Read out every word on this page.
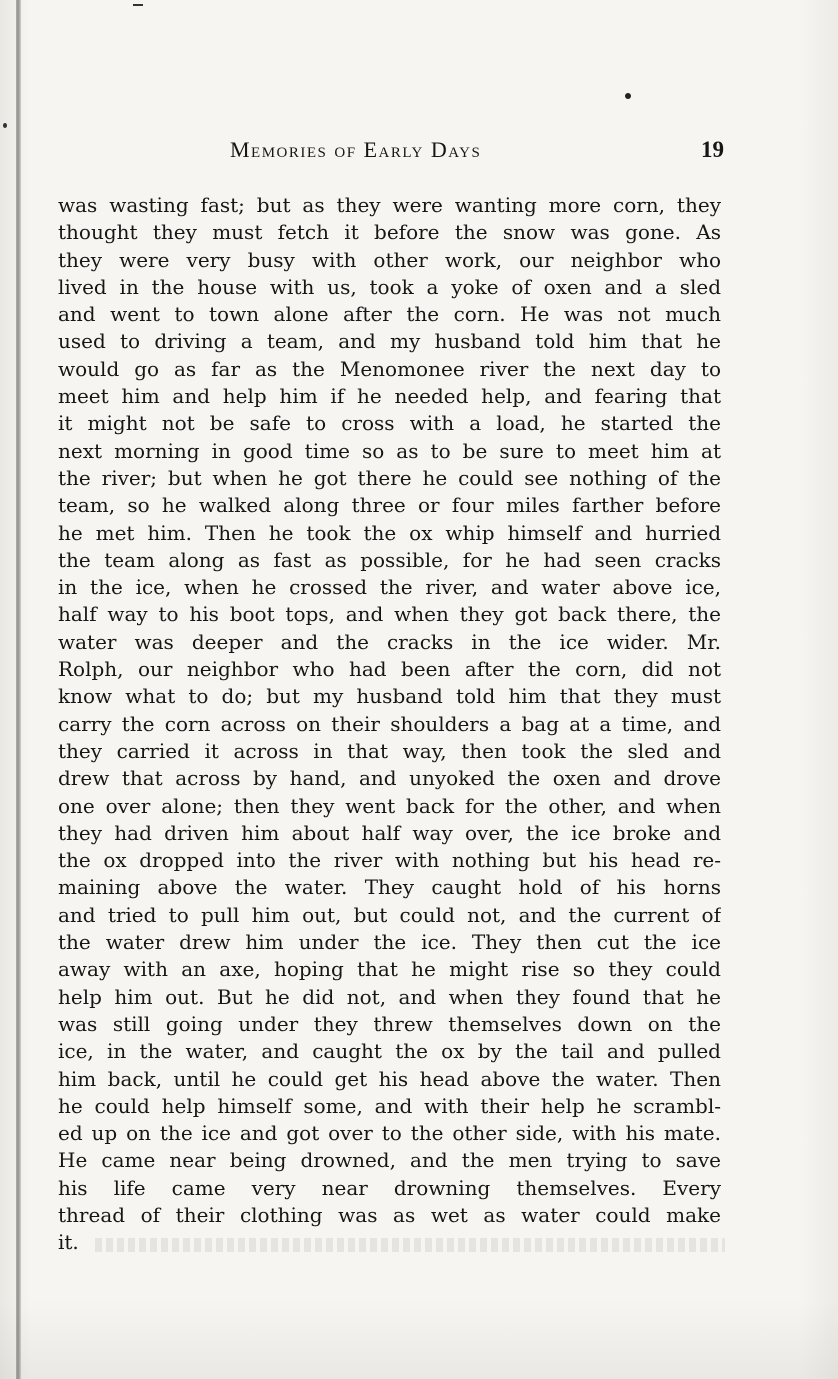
Memories of Early Days	19
was wasting fast; but as they were wanting more corn, they
thought they must fetch it before the snow was gone. As
they were very busy with other work, our neighbor who
lived in the house with us, took a yoke of oxen and a sled
and went to town alone after the corn. He was not much
used to driving a team, and my husband told him that he
would go as far as the Menomonee river the next day to
meet him and help him if he needed help, and fearing that
it might not be safe to cross with a load, he started the
next morning in good time so as to be sure to meet him at
the river; but when he got there he could see nothing of the
team, so he walked along three or four miles farther before
he met him. Then he took the ox whip himself and hurried
the team along as fast as possible, for he had seen cracks
in the ice, when he crossed the river, and water above ice,
half way to his boot tops, and when they got back there, the
water was deeper and the cracks in the ice wider. Mr.
Rolph, our neighbor who had been after the corn, did not
know what to do; but my husband told him that they must
carry the corn across on their shoulders a bag at a time, and
they carried it across in that way, then took the sled and
drew that across by hand, and unyoked the oxen and drove
one over alone; then they went back for the other, and when
they had driven him about half way over, the ice broke and
the ox dropped into the river with nothing but his head re-
maining above the water. They caught hold of his horns
and tried to pull him out, but could not, and the current of
the water drew him under the ice. They then cut the ice
away with an axe, hoping that he might rise so they could
help him out. But he did not, and when they found that he
was still going under they threw themselves down on the
ice, in the water, and caught the ox by the tail and pulled
him back, until he could get his head above the water. Then
he could help himself some, and with their help he scrambl-
ed up on the ice and got over to the other side, with his mate.
He came near being drowned, and the men trying to save
his life came very near drowning themselves. Every
thread of their clothing was as wet as water could make
it.
